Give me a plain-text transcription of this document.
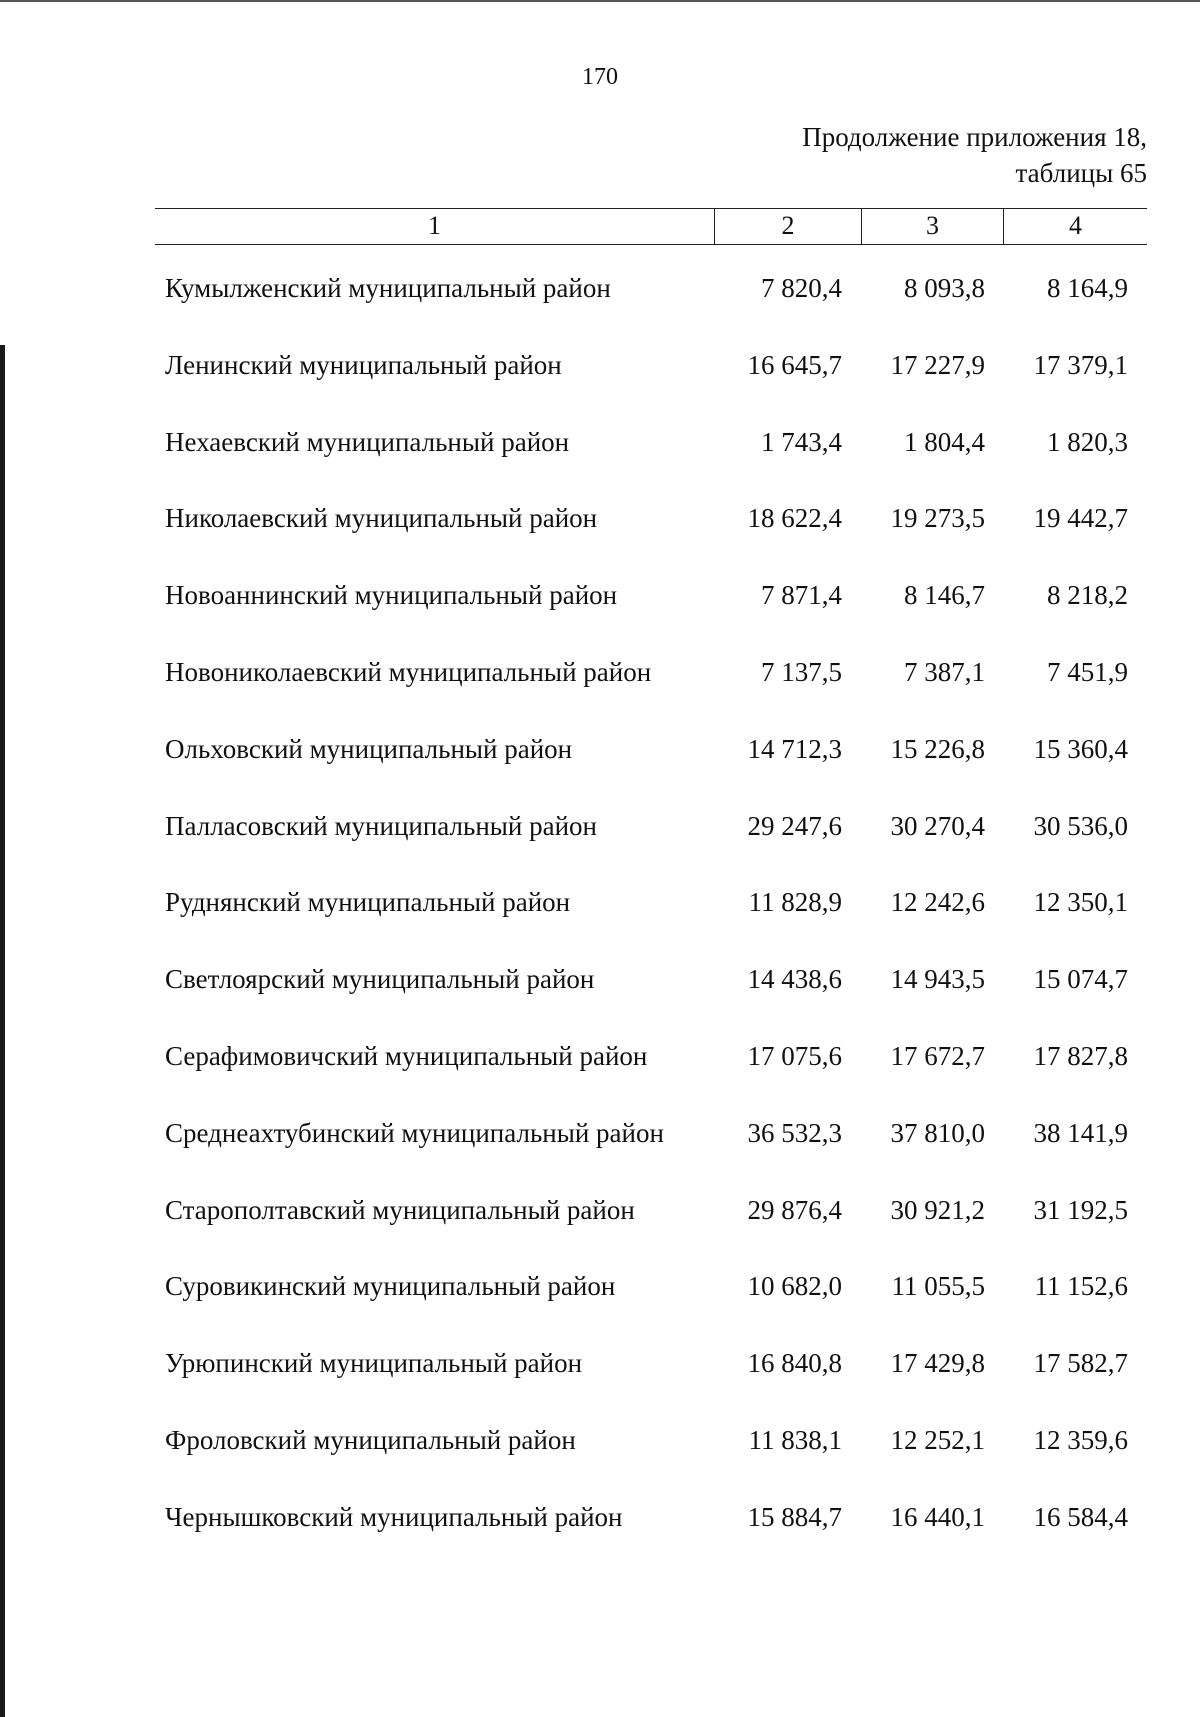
170
Продолжение приложения 18,
таблицы 65
1	2	3	4
Кумылженский муниципальный район	7 820,4	8 093,8	8 164,9
Ленинский муниципальный район	16 645,7	17 227,9	17 379,1
Нехаевский муниципальный район	1 743,4	1 804,4	1 820,3
Николаевский муниципальный район	18 622,4	19 273,5	19 442,7
Новоаннинский муниципальный район	7 871,4	8 146,7	8 218,2
Новониколаевский муниципальный район	7 137,5	7 387,1	7 451,9
Ольховский муниципальный район	14 712,3	15 226,8	15 360,4
Палласовский муниципальный район	29 247,6	30 270,4	30 536,0
Руднянский муниципальный район	11 828,9	12 242,6	12 350,1
Светлоярский муниципальный район	14 438,6	14 943,5	15 074,7
Серафимовичский муниципальный район	17 075,6	17 672,7	17 827,8
Среднеахтубинский муниципальный район	36 532,3	37 810,0	38 141,9
Старополтавский муниципальный район	29 876,4	30 921,2	31 192,5
Суровикинский муниципальный район	10 682,0	11 055,5	11 152,6
Урюпинский муниципальный район	16 840,8	17 429,8	17 582,7
Фроловский муниципальный район	11 838,1	12 252,1	12 359,6
Чернышковский муниципальный район	15 884,7	16 440,1	16 584,4
